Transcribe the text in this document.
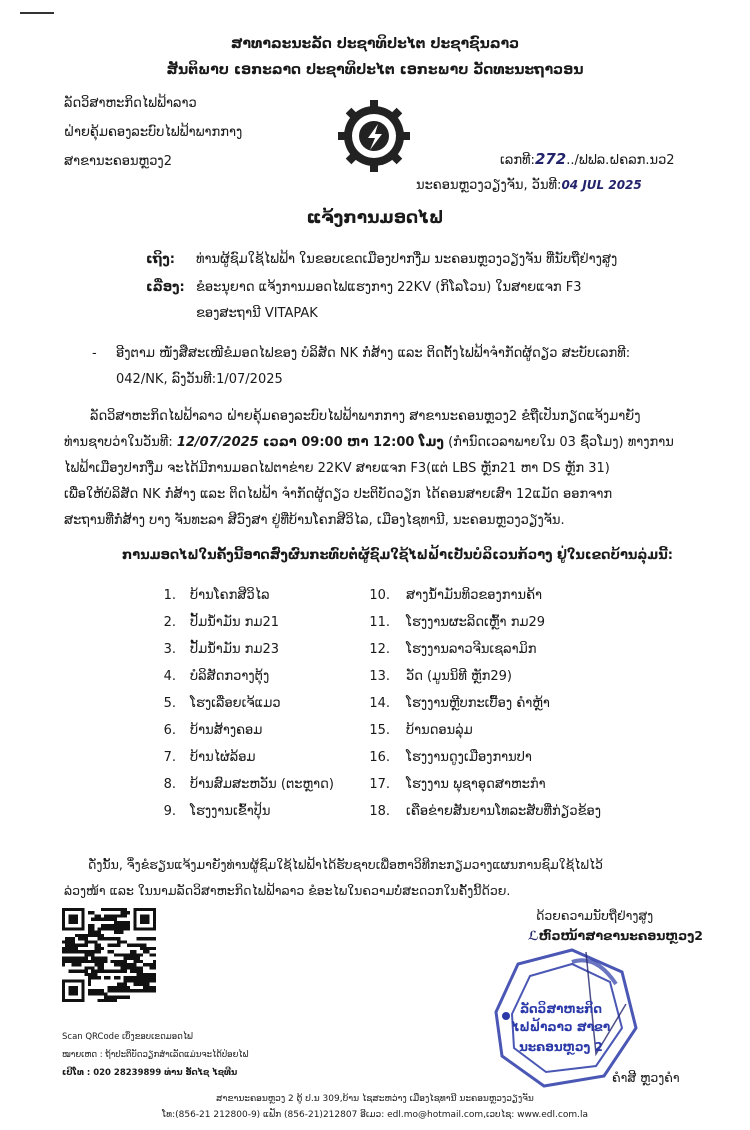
ສາທາລະນະລັດ ປະຊາທິປະໄຕ ປະຊາຊົນລາວ
ສັນຕິພາບ ເອກະລາດ ປະຊາທິປະໄຕ ເອກະພາບ ວັດທະນະຖາວອນ
ລັດວິສາຫະກິດໄຟຟ້າລາວ
ຝ່າຍຄຸ້ມຄອງລະບົບໄຟຟ້າພາກກາງ
ສາຂານະຄອນຫຼວງ2	ເລກທີ:272../ຟຟລ.ຝຄລກ.ນວ2
ນະຄອນຫຼວງວຽງຈັນ, ວັນທີ:04 JUL 2025
ແຈ້ງການມອດໄຟ
ເຖິງ: ທ່ານຜູ້ຊົມໃຊ້ໄຟຟ້າ ໃນຂອບເຂດເມືອງປາກງື່ມ ນະຄອນຫຼວງວຽງຈັນ ທີ່ນັບຖືຢ່າງສູງ
ເລື່ອງ: ຂໍອະນຸຍາດ ແຈ້ງການມອດໄຟແຮງກາງ 22KV (ກິໂລໂວນ) ໃນສາຍແຈກ F3
ຂອງສະຖານີ VITAPAK
- ອີງຕາມ ໜັງສືສະເໜີຂໍມອດໄຟຂອງ ບໍລິສັດ NK ກໍ່ສ້າງ ແລະ ຕິດຕັ້ງໄຟຟ້າຈຳກັດຜູ້ດຽວ ສະບັບເລກທີ:
042/NK, ລົງວັນທີ:1/07/2025
ລັດວິສາຫະກິດໄຟຟ້າລາວ ຝ່າຍຄຸ້ມຄອງລະບົບໄຟຟ້າພາກກາງ ສາຂານະຄອນຫຼວງ2 ຂໍຖືເປັນກຽດແຈ້ງມາຍັງ
ທ່ານຊາບວ່າໃນວັນທີ: 12/07/2025 ເວລາ 09:00 ຫາ 12:00 ໂມງ (ກຳນົດເວລາພາຍໃນ 03 ຊົ່ວໂມງ) ທາງການ
ໄຟຟ້າເມືອງປາກງື່ມ ຈະໄດ້ມີການມອດໄຟຕາຂ່າຍ 22KV ສາຍແຈກ F3(ແຕ່ LBS ຫຼັກ21 ຫາ DS ຫຼັກ 31)
ເພື່ອໃຫ້ບໍລິສັດ NK ກໍ່ສ້າງ ແລະ ຕິດໄຟຟ້າ ຈຳກັດຜູ້ດຽວ ປະຕິບັດວຽກ ໄດ້ຄອນສາຍເສົາ 12ແມັດ ອອກຈາກ
ສະຖານທີ່ກໍ່ສ້າງ ບາງ ຈັນທະລາ ສີວົງສາ ຢູ່ທີ່ບ້ານໂຄກສີວິໄລ, ເມືອງໄຊທານີ, ນະຄອນຫຼວງວຽງຈັນ.
ການມອດໄຟໃນຄັ້ງນີ້ອາດສົ່ງຜົນກະທົບຕໍ່ຜູ້ຊົມໃຊ້ໄຟຟ້າເປັນບໍລິເວນກ້ວາງ ຢູ່ໃນເຂດບ້ານລຸ່ມນີ້:
1. ບ້ານໂຄກສີວິໄລ
2. ປັ້ມນ້ຳມັນ ກມ21
3. ປັ້ມນ້ຳມັນ ກມ23
4. ບໍລິສັດກວາງຕຸ້ງ
5. ໂຮງເລື່ອຍເຈ້ແມວ
6. ບ້ານສ້າງຄອມ
7. ບ້ານໄຜ່ລ້ອມ
8. ບ້ານສົມສະຫວັນ (ຕະຫຼາດ)
9. ໂຮງງານເຂົ້າປຸ້ນ
10. ສາງນ້ຳມັນທິວຂອງການຄ້າ
11. ໂຮງງານຜະລິດເຫຼົ້າ ກມ29
12. ໂຮງງານລາວຈີນເຊລາມິກ
13. ວັດ (ມູນນິທີ ຫຼັກ29)
14. ໂຮງງານຫຼີບກະເບື້ອງ ຄຳຫຼ້າ
15. ບ້ານດອນລຸ່ມ
16. ໂຮງງານດູງເມືອງການປາ
17. ໂຮງງານ ພຸຊາອຸດສາຫະກຳ
18. ເຄືອຂ່າຍສັນຍານໂທລະສັບທີ່ກ່ຽວຂ້ອງ
ດັ່ງນັ້ນ, ຈຶ່ງຂໍຮຽນແຈ້ງມາຍັງທ່ານຜູ້ຊົມໃຊ້ໄຟຟ້າໄດ້ຮັບຊາບເພື່ອຫາວິທີກະກຽມວາງແຜນການຊົມໃຊ້ໄຟໄວ້
ລ່ວງໜ້າ ແລະ ໃນນາມລັດວິສາຫະກິດໄຟຟ້າລາວ ຂໍອະໄພໃນຄວາມບໍ່ສະດວກໃນຄັ້ງນີ້ດ້ວຍ.
Scan QRCode ເບິ່ງຂອບເຂດມອດໄຟ
ໝາຍເຫດ : ຖ້າປະຕິບັດວຽກສຳເລັດແມ່ນຈະໄດ້ປ່ອຍໄຟ
ເບີໂທ : 020 28239899 ທ່ານ ອັດໄຊ ໄຊທີນ
ດ້ວຍຄວາມນັບຖືຢ່າງສູງ
ℒຫົວໜ້າສາຂານະຄອນຫຼວງ2
ລັດວິສາຫະກິດ
ໄຟຟ້າລາວ ສາຂາ
ນະຄອນຫຼວງ 2
ຄຳສີ ຫຼວງຄຳ
ສາຂານະຄອນຫຼວງ 2 ຕູ້ ປ.ນ 309,ບ້ານ ໄຊສະຫວ່າງ ເມືອງໄຊທານີ ນະຄອນຫຼວງວຽງຈັນ
ໂທ:(856-21 212800-9) ແຟັກ (856-21)212807 ອີເມວ: edl.mo@hotmail.com,ເວບໄຊ: www.edl.com.la
